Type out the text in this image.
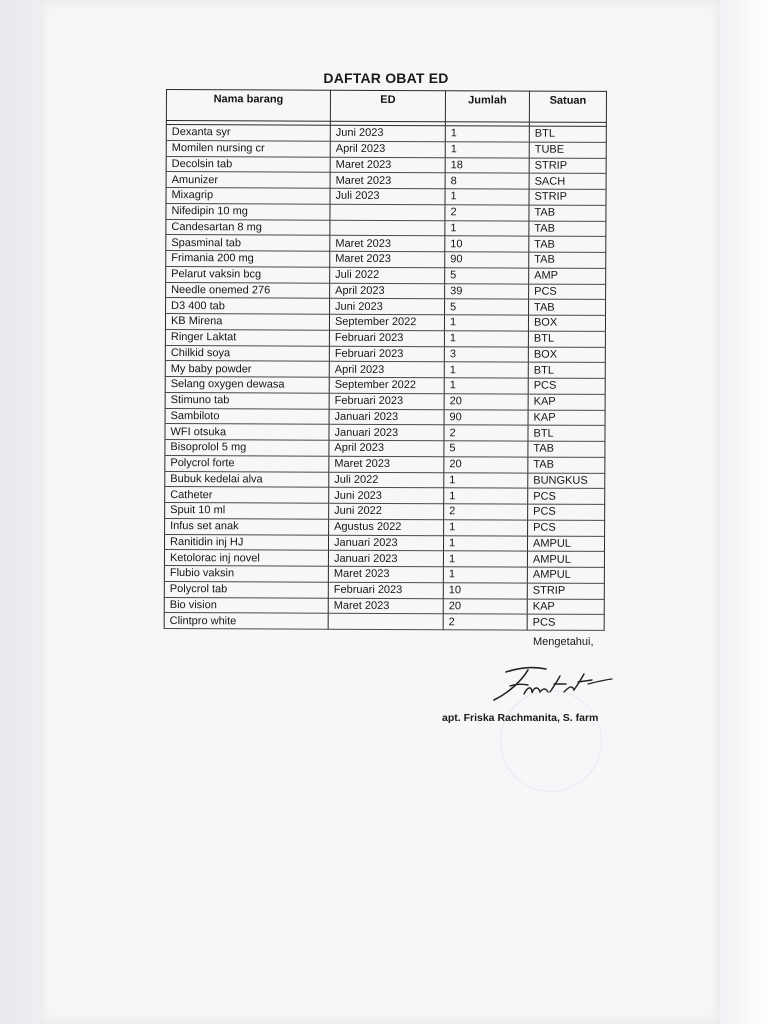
DAFTAR OBAT ED
Nama barang	ED	Jumlah	Satuan

Dexanta syr	Juni 2023	1	BTL
Momilen nursing cr	April 2023	1	TUBE
Decolsin tab	Maret 2023	18	STRIP
Amunizer	Maret 2023	8	SACH
Mixagrip	Juli 2023	1	STRIP
Nifedipin 10 mg		2	TAB
Candesartan 8 mg		1	TAB
Spasminal tab	Maret 2023	10	TAB
Frimania 200 mg	Maret 2023	90	TAB
Pelarut vaksin bcg	Juli 2022	5	AMP
Needle onemed 276	April 2023	39	PCS
D3 400 tab	Juni 2023	5	TAB
KB Mirena	September 2022	1	BOX
Ringer Laktat	Februari 2023	1	BTL
Chilkid soya	Februari 2023	3	BOX
My baby powder	April 2023	1	BTL
Selang oxygen dewasa	September 2022	1	PCS
Stimuno tab	Februari 2023	20	KAP
Sambiloto	Januari 2023	90	KAP
WFI otsuka	Januari 2023	2	BTL
Bisoprolol 5 mg	April 2023	5	TAB
Polycrol forte	Maret 2023	20	TAB
Bubuk kedelai alva	Juli 2022	1	BUNGKUS
Catheter	Juni 2023	1	PCS
Spuit 10 ml	Juni 2022	2	PCS
Infus set anak	Agustus 2022	1	PCS
Ranitidin inj HJ	Januari 2023	1	AMPUL
Ketolorac inj novel	Januari 2023	1	AMPUL
Flubio vaksin	Maret 2023	1	AMPUL
Polycrol tab	Februari 2023	10	STRIP
Bio vision	Maret 2023	20	KAP
Clintpro white		2	PCS
Mengetahui,
apt. Friska Rachmanita, S. farm
